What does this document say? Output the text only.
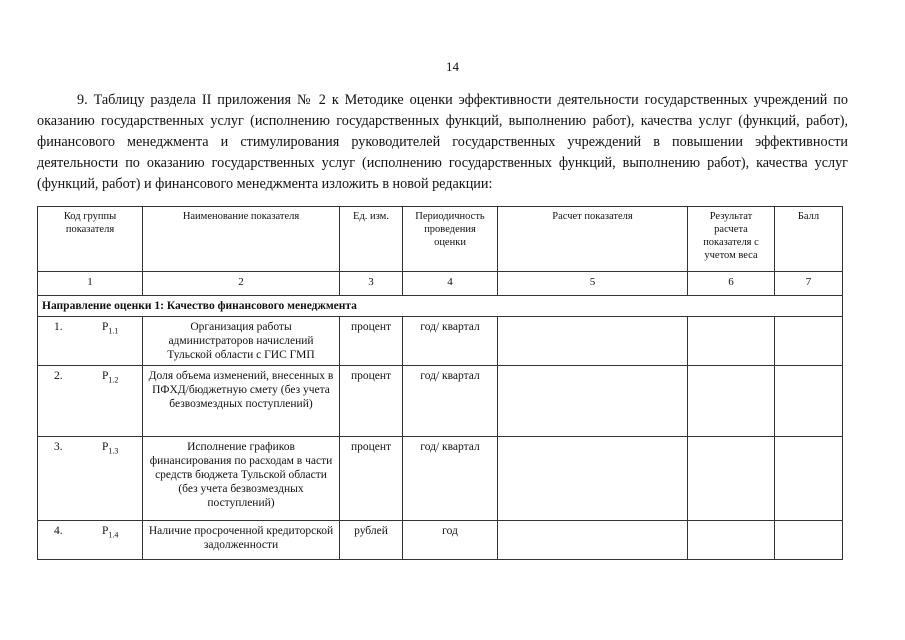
14
9. Таблицу раздела II приложения № 2 к Методике оценки эффективности деятельности государственных учреждений по оказанию государственных услуг (исполнению государственных функций, выполнению работ), качества услуг (функций, работ), финансового менеджмента и стимулирования руководителей государственных учреждений в повышении эффективности деятельности по оказанию государственных услуг (исполнению государственных функций, выполнению работ), качества услуг (функций, работ) и финансового менеджмента изложить в новой редакции:
Код группы показателя	Наименование показателя	Ед. изм.	Периодичность проведения оценки	Расчет показателя	Результат расчета показателя с учетом веса	Балл
1	2	3	4	5	6	7
Направление оценки 1: Качество финансового менеджмента						

1. $P_{1.1}$	Организация работы администраторов начислений Тульской области с ГИС ГМП	процент	год/ квартал			

2. $P_{1.2}$	Доля объема изменений, внесенных в ПФХД/бюджетную смету (без учета безвозмездных поступлений)	процент	год/ квартал			

3. $P_{1.3}$	Исполнение графиков финансирования по расходам в части средств бюджета Тульской области (без учета безвозмездных поступлений)	процент	год/ квартал			

4. $P_{1.4}$	Наличие просроченной кредиторской задолженности	рублей	год			
